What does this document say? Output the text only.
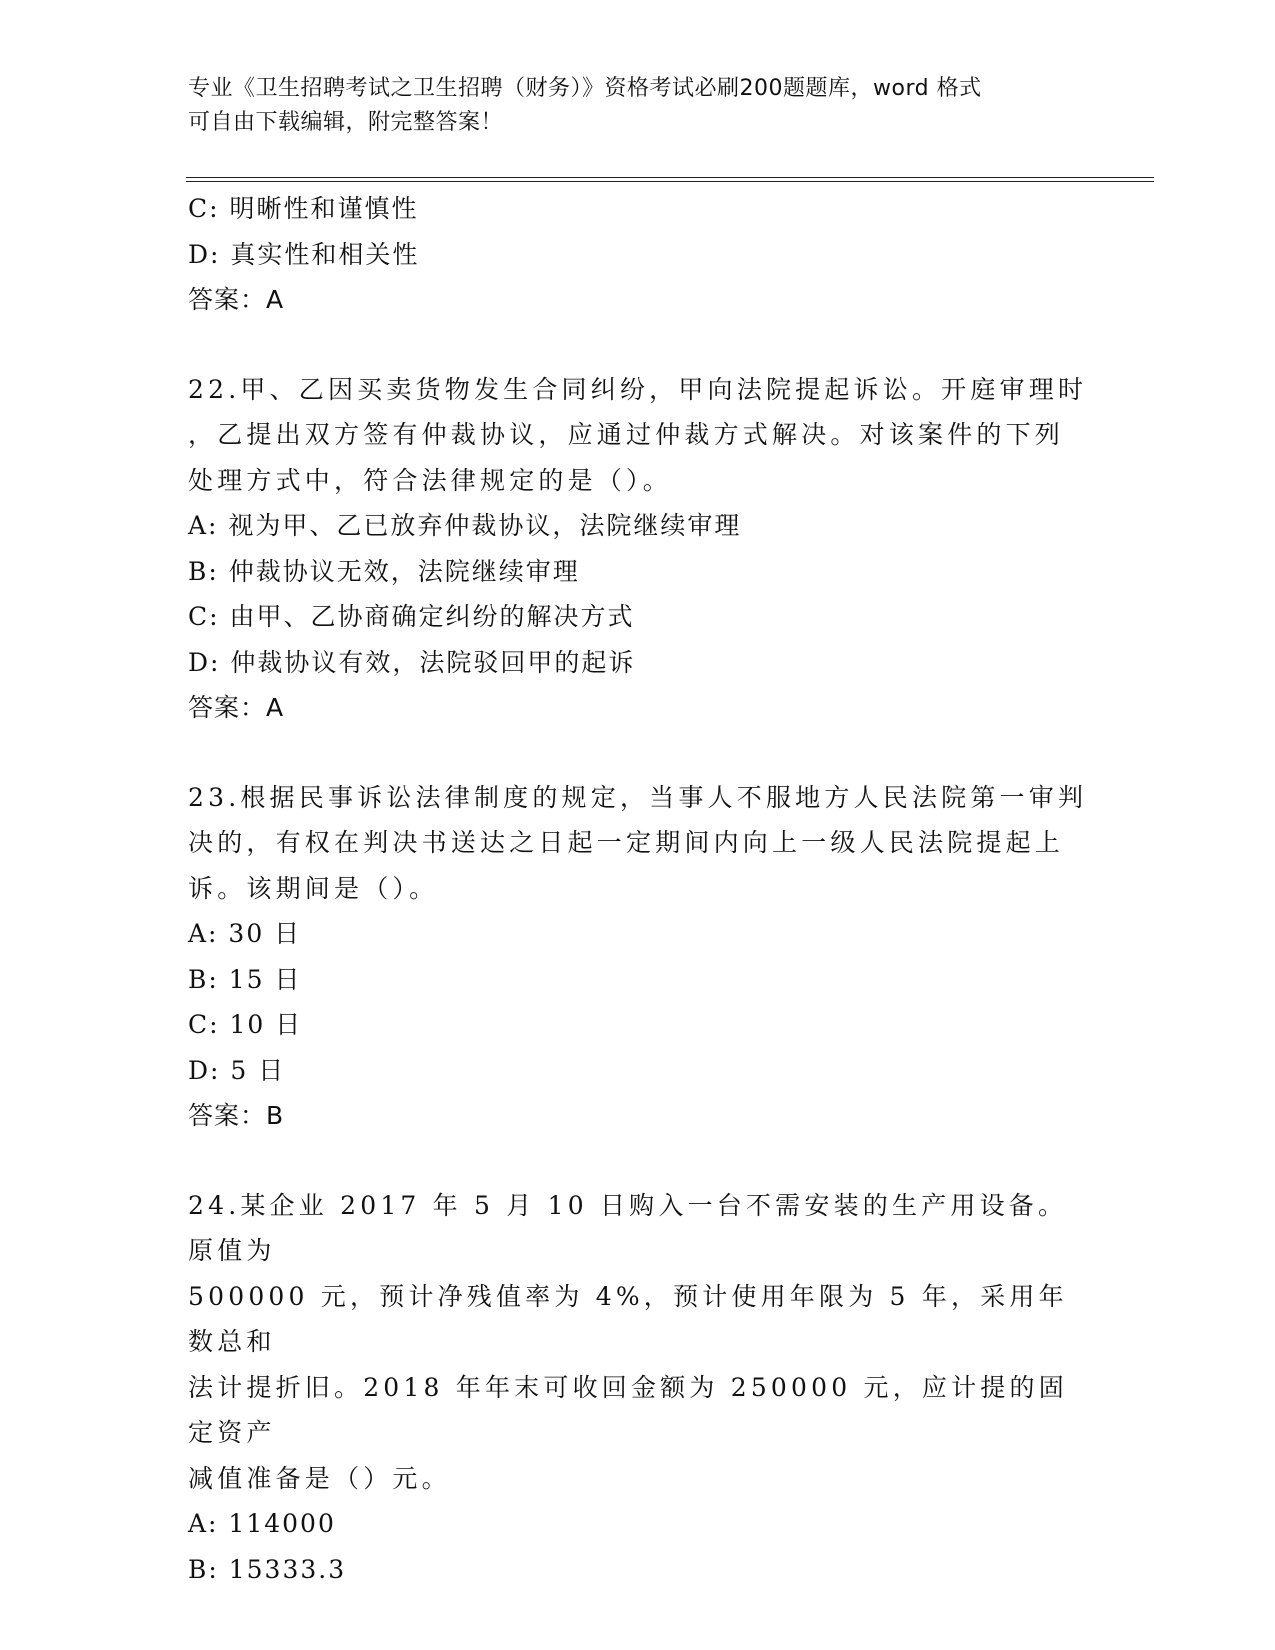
专业《卫生招聘考试之卫生招聘（财务）》资格考试必刷200题题库，word 格式
可自由下载编辑，附完整答案！
C: 明晰性和谨慎性
D: 真实性和相关性
答案：A
22.甲、乙因买卖货物发生合同纠纷，甲向法院提起诉讼。开庭审理时
，乙提出双方签有仲裁协议，应通过仲裁方式解决。对该案件的下列
处理方式中，符合法律规定的是（）。
A: 视为甲、乙已放弃仲裁协议，法院继续审理
B: 仲裁协议无效，法院继续审理
C: 由甲、乙协商确定纠纷的解决方式
D: 仲裁协议有效，法院驳回甲的起诉
答案：A
23.根据民事诉讼法律制度的规定，当事人不服地方人民法院第一审判
决的，有权在判决书送达之日起一定期间内向上一级人民法院提起上
诉。该期间是（）。
A: 30 日
B: 15 日
C: 10 日
D: 5 日
答案：B
24.某企业 2017 年 5 月 10 日购入一台不需安装的生产用设备。原值为
500000 元，预计净残值率为 4%，预计使用年限为 5 年，采用年数总和
法计提折旧。2018 年年末可收回金额为 250000 元，应计提的固定资产
减值准备是（）元。
A: 114000
B: 15333.3
